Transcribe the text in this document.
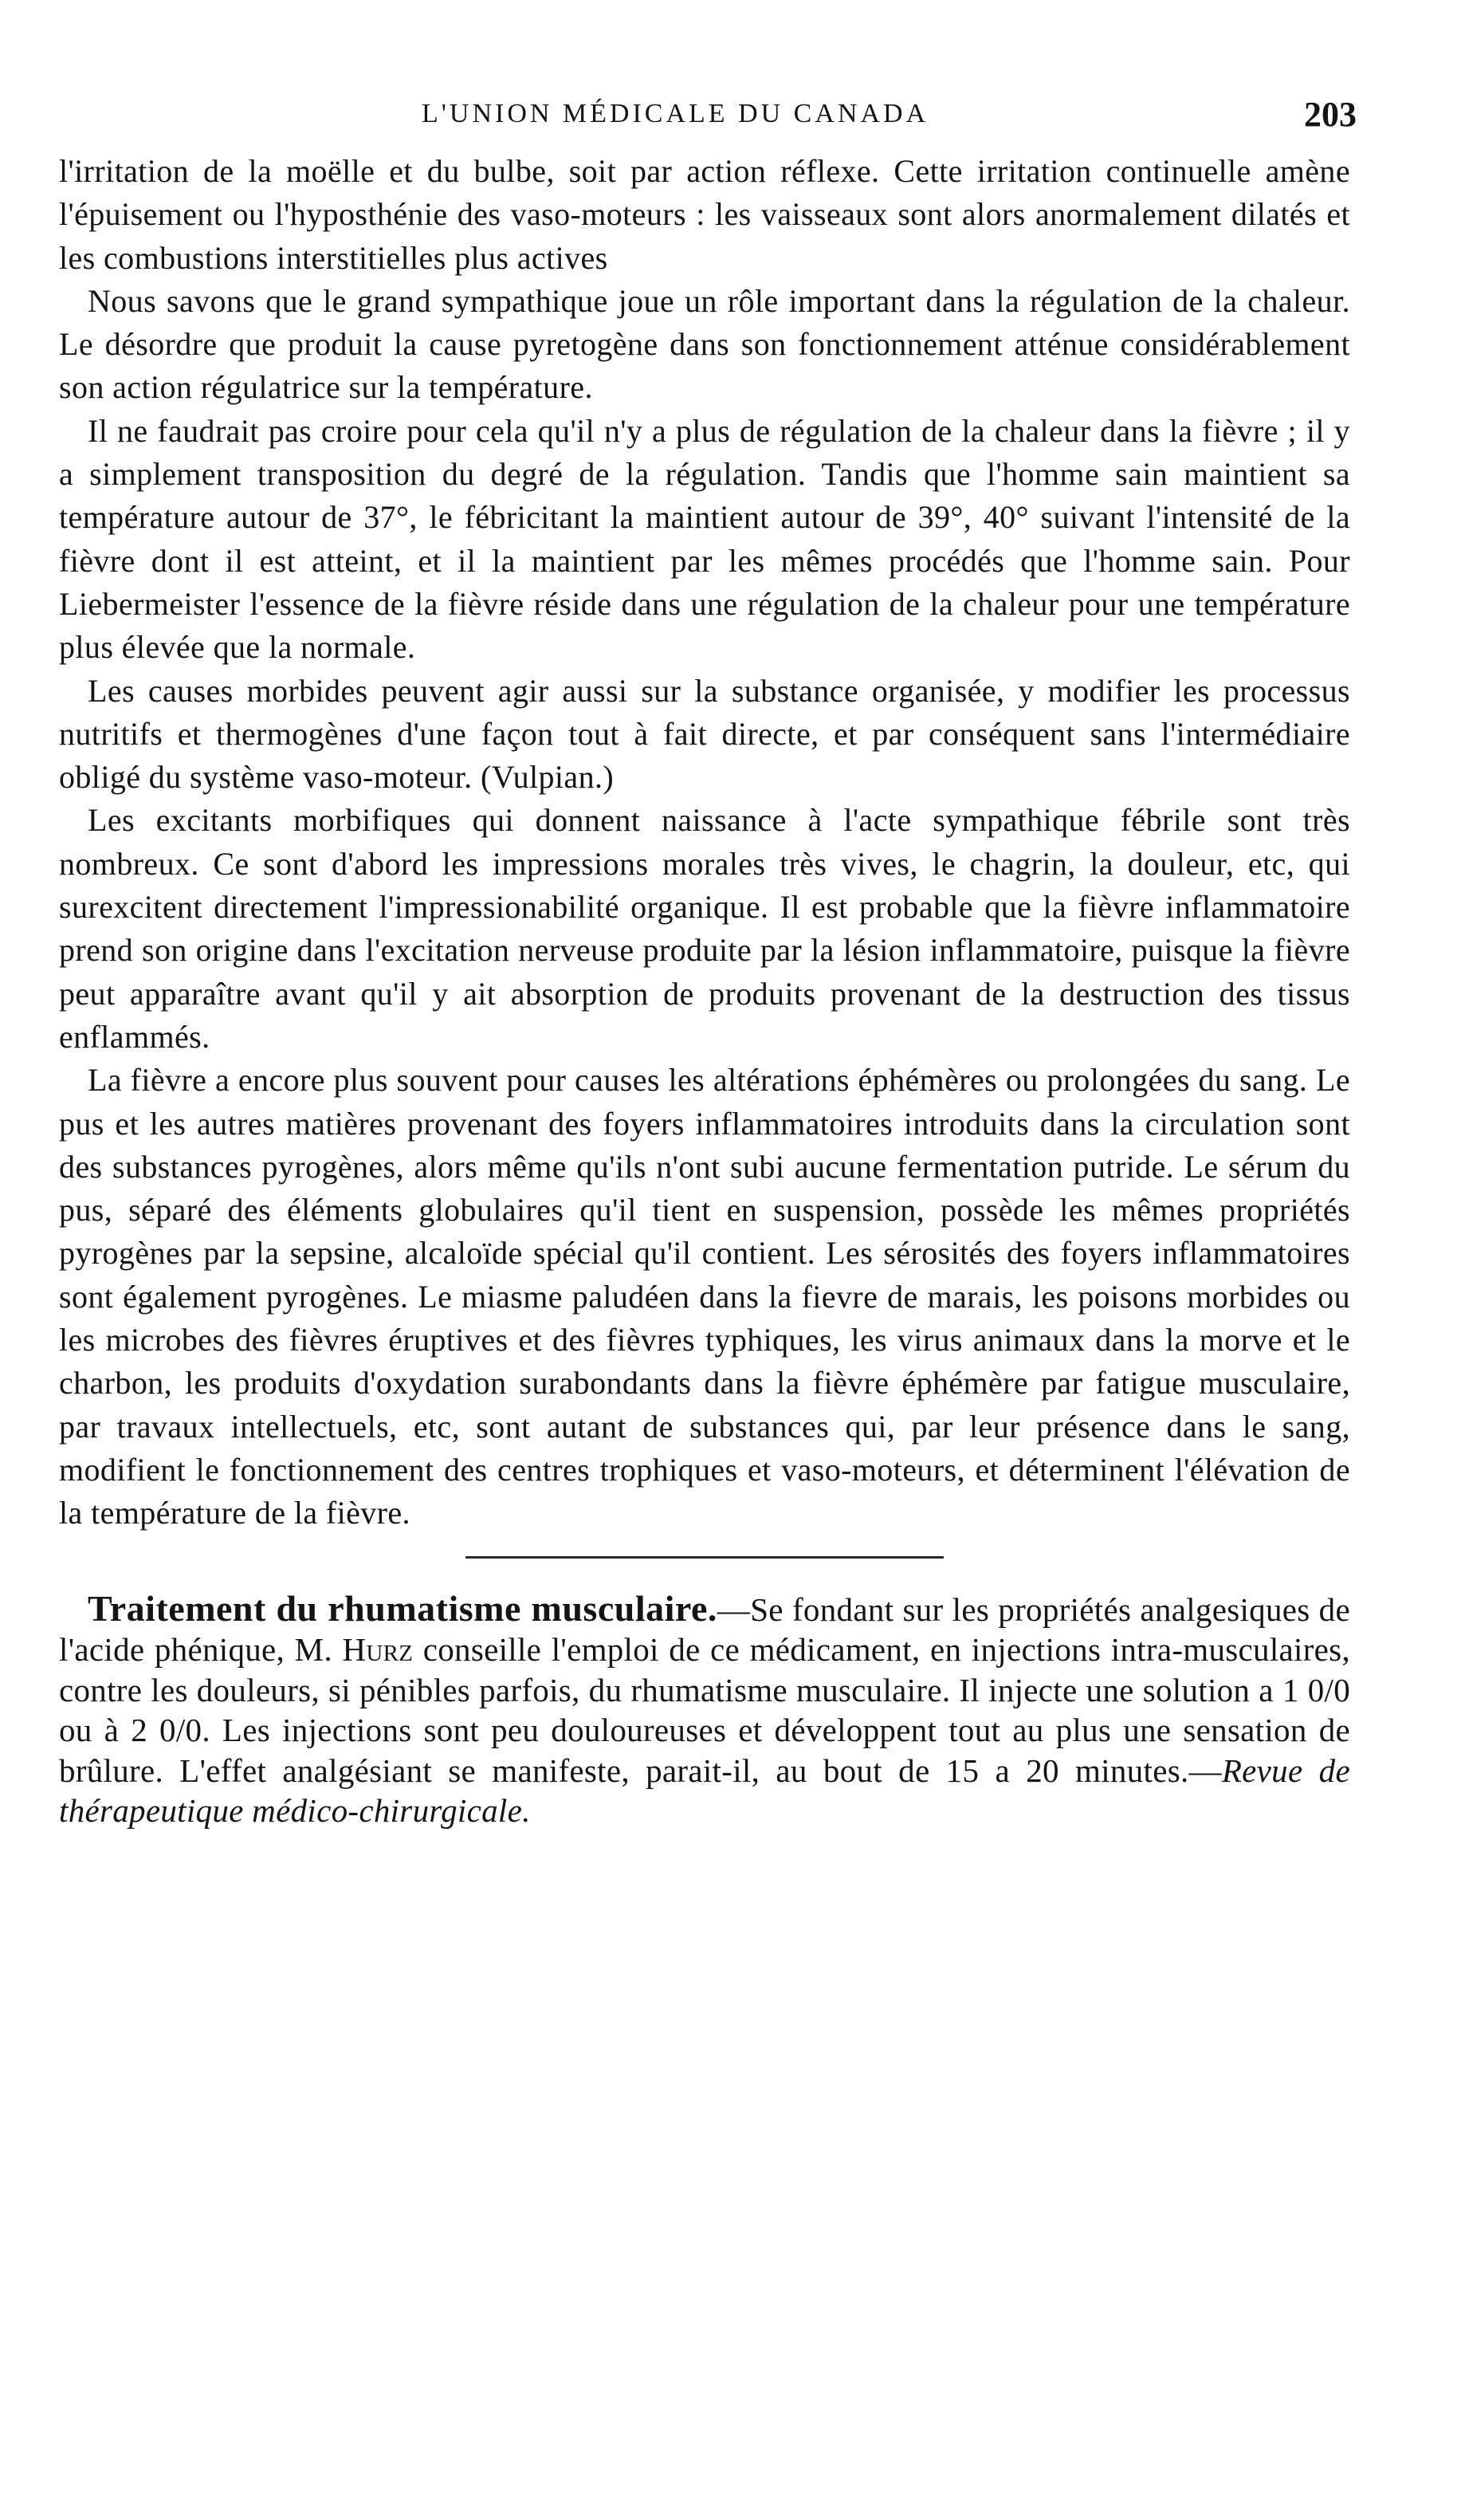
L'UNION MÉDICALE DU CANADA	203

l'irritation de la moëlle et du bulbe, soit par action réflexe. Cette irritation continuelle amène l'épuisement ou l'hyposthénie des vaso-moteurs : les vaisseaux sont alors anormalement dilatés et les combustions interstitielles plus actives

Nous savons que le grand sympathique joue un rôle important dans la régulation de la chaleur. Le désordre que produit la cause pyretogène dans son fonctionnement atténue considérablement son action régulatrice sur la température.

Il ne faudrait pas croire pour cela qu'il n'y a plus de régulation de la chaleur dans la fièvre ; il y a simplement transposition du degré de la régulation. Tandis que l'homme sain maintient sa température autour de 37°, le fébricitant la maintient autour de 39°, 40° suivant l'intensité de la fièvre dont il est atteint, et il la maintient par les mêmes procédés que l'homme sain. Pour Liebermeister l'essence de la fièvre réside dans une régulation de la chaleur pour une température plus élevée que la normale.

Les causes morbides peuvent agir aussi sur la substance organisée, y modifier les processus nutritifs et thermogènes d'une façon tout à fait directe, et par conséquent sans l'intermédiaire obligé du système vaso-moteur. (Vulpian.)

Les excitants morbifiques qui donnent naissance à l'acte sympathique fébrile sont très nombreux. Ce sont d'abord les impressions morales très vives, le chagrin, la douleur, etc, qui surexcitent directement l'impressionabilité organique. Il est probable que la fièvre inflammatoire prend son origine dans l'excitation nerveuse produite par la lésion inflammatoire, puisque la fièvre peut apparaître avant qu'il y ait absorption de produits provenant de la destruction des tissus enflammés.

La fièvre a encore plus souvent pour causes les altérations éphémères ou prolongées du sang. Le pus et les autres matières provenant des foyers inflammatoires introduits dans la circulation sont des substances pyrogènes, alors même qu'ils n'ont subi aucune fermentation putride. Le sérum du pus, séparé des éléments globulaires qu'il tient en suspension, possède les mêmes propriétés pyrogènes par la sepsine, alcaloïde spécial qu'il contient. Les sérosités des foyers inflammatoires sont également pyrogènes. Le miasme paludéen dans la fievre de marais, les poisons morbides ou les microbes des fièvres éruptives et des fièvres typhiques, les virus animaux dans la morve et le charbon, les produits d'oxydation surabondants dans la fièvre éphémère par fatigue musculaire, par travaux intellectuels, etc, sont autant de substances qui, par leur présence dans le sang, modifient le fonctionnement des centres trophiques et vaso-moteurs, et déterminent l'élévation de la température de la fièvre.

Traitement du rhumatisme musculaire.—Se fondant sur les propriétés analgesiques de l'acide phénique, M. Hurz conseille l'emploi de ce médicament, en injections intra-musculaires, contre les douleurs, si pénibles parfois, du rhumatisme musculaire. Il injecte une solution a 1 0/0 ou à 2 0/0. Les injections sont peu douloureuses et développent tout au plus une sensation de brûlure. L'effet analgésiant se manifeste, parait-il, au bout de 15 a 20 minutes.—Revue de thérapeutique médico-chirurgicale.
